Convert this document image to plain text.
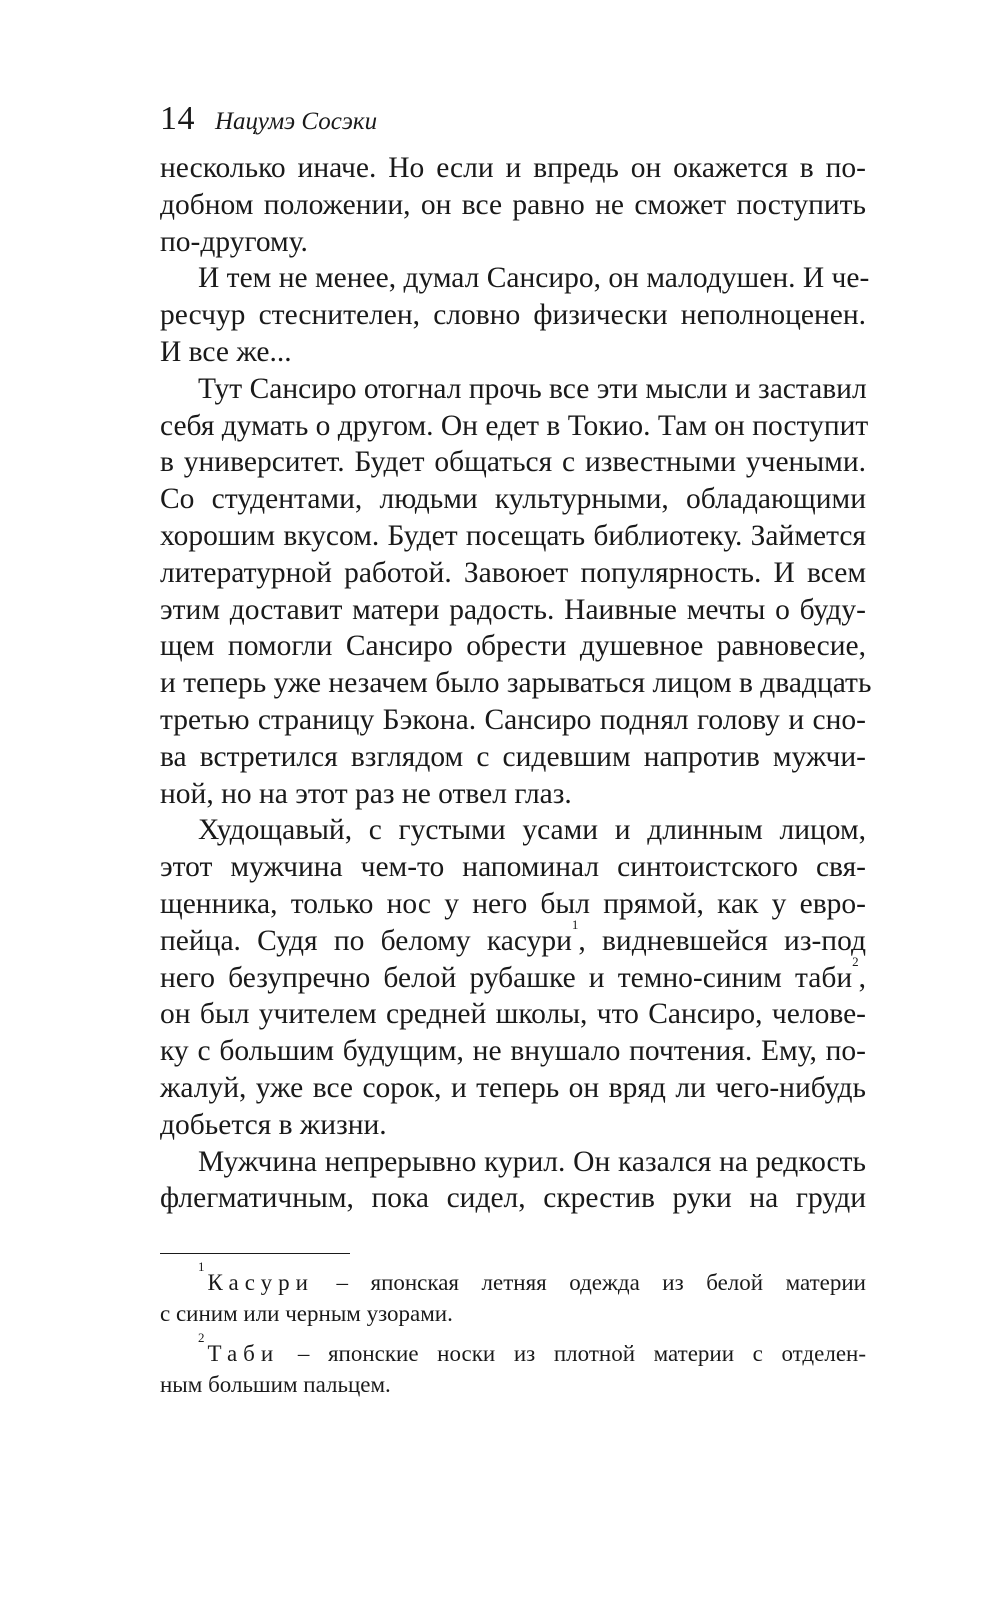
14 Нацумэ Сосэки
несколько иначе. Но если и впредь он окажется в по-
добном положении, он все равно не сможет поступить
по-другому.
И тем не менее, думал Сансиро, он малодушен. И че-
ресчур стеснителен, словно физически неполноценен.
И все же...
Тут Сансиро отогнал прочь все эти мысли и заставил
себя думать о другом. Он едет в Токио. Там он поступит
в университет. Будет общаться с известными учеными.
Со студентами, людьми культурными, обладающими
хорошим вкусом. Будет посещать библиотеку. Займется
литературной работой. Завоюет популярность. И всем
этим доставит матери радость. Наивные мечты о буду-
щем помогли Сансиро обрести душевное равновесие,
и теперь уже незачем было зарываться лицом в двадцать
третью страницу Бэкона. Сансиро поднял голову и сно-
ва встретился взглядом с сидевшим напротив мужчи-
ной, но на этот раз не отвел глаз.
Худощавый, с густыми усами и длинным лицом,
этот мужчина чем-то напоминал синтоистского свя-
щенника, только нос у него был прямой, как у евро-
пейца. Судя по белому касури$^1$, видневшейся из-под
него безупречно белой рубашке и темно-синим таби$^2$,
он был учителем средней школы, что Сансиро, челове-
ку с большим будущим, не внушало почтения. Ему, по-
жалуй, уже все сорок, и теперь он вряд ли чего-нибудь
добьется в жизни.
Мужчина непрерывно курил. Он казался на редкость
флегматичным, пока сидел, скрестив руки на груди
$^1$Касури – японская летняя одежда из белой материи
с синим или черным узорами.
$^2$Таби – японские носки из плотной материи с отделен-
ным большим пальцем.
